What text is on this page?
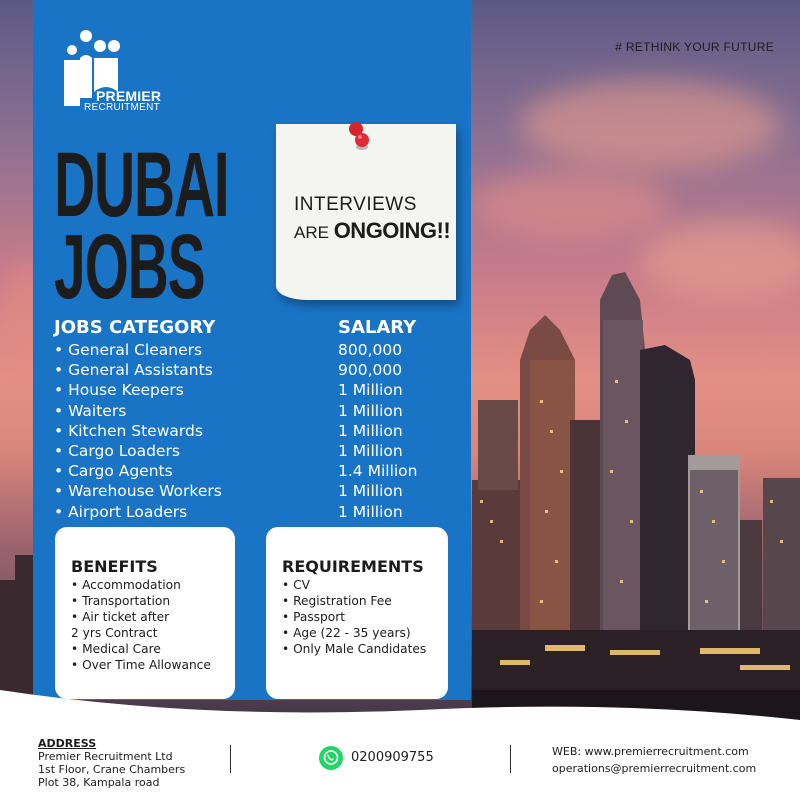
PREMIER
RECRUITMENT
# RETHINK YOUR FUTURE
DUBAI
JOBS
INTERVIEWS
ARE ONGOING!!
JOBS CATEGORY	SALARY
• General Cleaners
• General Assistants
• House Keepers
• Waiters
• Kitchen Stewards
• Cargo Loaders
• Cargo Agents
• Warehouse Workers
• Airport Loaders
800,000
900,000
1 Million
1 Million
1 Million
1 Million
1.4 Million
1 Million
1 Million
BENEFITS
• Accommodation
• Transportation
• Air ticket after
2 yrs Contract
• Medical Care
• Over Time Allowance
REQUIREMENTS
• CV
• Registration Fee
• Passport
• Age (22 - 35 years)
• Only Male Candidates
ADDRESS
Premier Recruitment Ltd
1st Floor, Crane Chambers
Plot 38, Kampala road
0200909755	WEB: www.premierrecruitment.com
operations@premierrecruitment.com
